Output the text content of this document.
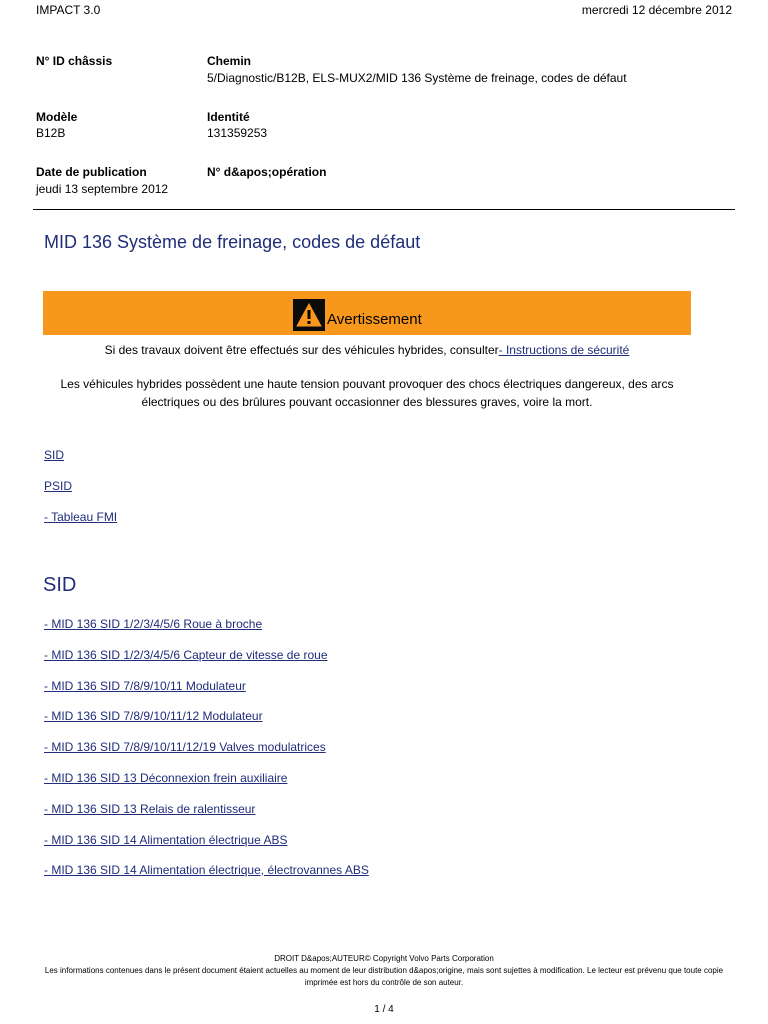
IMPACT 3.0	mercredi 12 décembre 2012
N° ID châssis	Chemin
5/Diagnostic/B12B, ELS-MUX2/MID 136 Système de freinage, codes de défaut
Modèle
B12B
Identité
131359253
Date de publication
jeudi 13 septembre 2012
N° d&apos;opération
MID 136 Système de freinage, codes de défaut
Avertissement
Si des travaux doivent être effectués sur des véhicules hybrides, consulter- Instructions de sécurité
Les véhicules hybrides possèdent une haute tension pouvant provoquer des chocs électriques dangereux, des arcs électriques ou des brûlures pouvant occasionner des blessures graves, voire la mort.
SID
PSID
- Tableau FMI
SID
- MID 136 SID 1/2/3/4/5/6 Roue à broche
- MID 136 SID 1/2/3/4/5/6 Capteur de vitesse de roue
- MID 136 SID 7/8/9/10/11 Modulateur
- MID 136 SID 7/8/9/10/11/12 Modulateur
- MID 136 SID 7/8/9/10/11/12/19 Valves modulatrices
- MID 136 SID 13 Déconnexion frein auxiliaire
- MID 136 SID 13 Relais de ralentisseur
- MID 136 SID 14 Alimentation électrique ABS
- MID 136 SID 14 Alimentation électrique, électrovannes ABS
DROIT D&apos;AUTEUR© Copyright Volvo Parts Corporation
Les informations contenues dans le présent document étaient actuelles au moment de leur distribution d&apos;origine, mais sont sujettes à modification. Le lecteur est prévenu que toute copie imprimée est hors du contrôle de son auteur.
1 / 4
